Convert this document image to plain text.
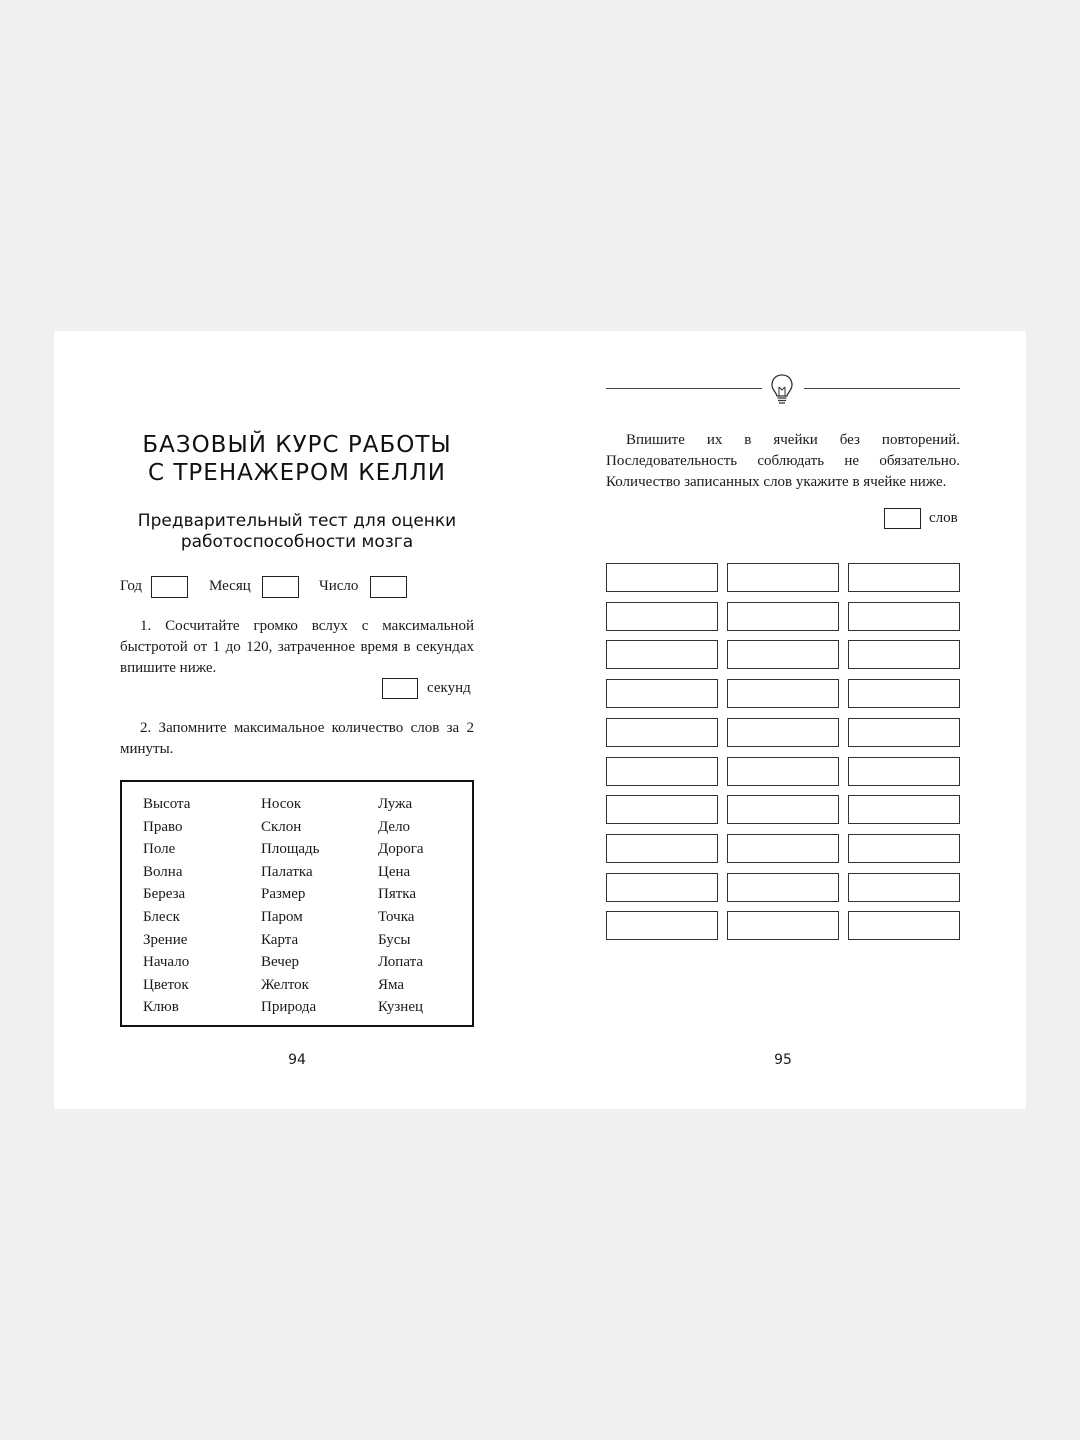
БАЗОВЫЙ КУРС РАБОТЫ
С ТРЕНАЖЕРОМ КЕЛЛИ
Предварительный тест для оценки
работоспособности мозга
Год	Месяц	Число
1. Сосчитайте громко вслух с максимальной быстротой от 1 до 120, затраченное время в секундах впишите ниже.
секунд
2. Запомните максимальное количество слов за 2 минуты.
Высота
Право
Поле
Волна
Береза
Блеск
Зрение
Начало
Цветок
Клюв
Носок
Склон
Площадь
Палатка
Размер
Паром
Карта
Вечер
Желток
Природа
Лужа
Дело
Дорога
Цена
Пятка
Точка
Бусы
Лопата
Яма
Кузнец
94
Впишите их в ячейки без повторений. Последовательность соблюдать не обязательно. Количество записанных слов укажите в ячейке ниже.
слов
95
